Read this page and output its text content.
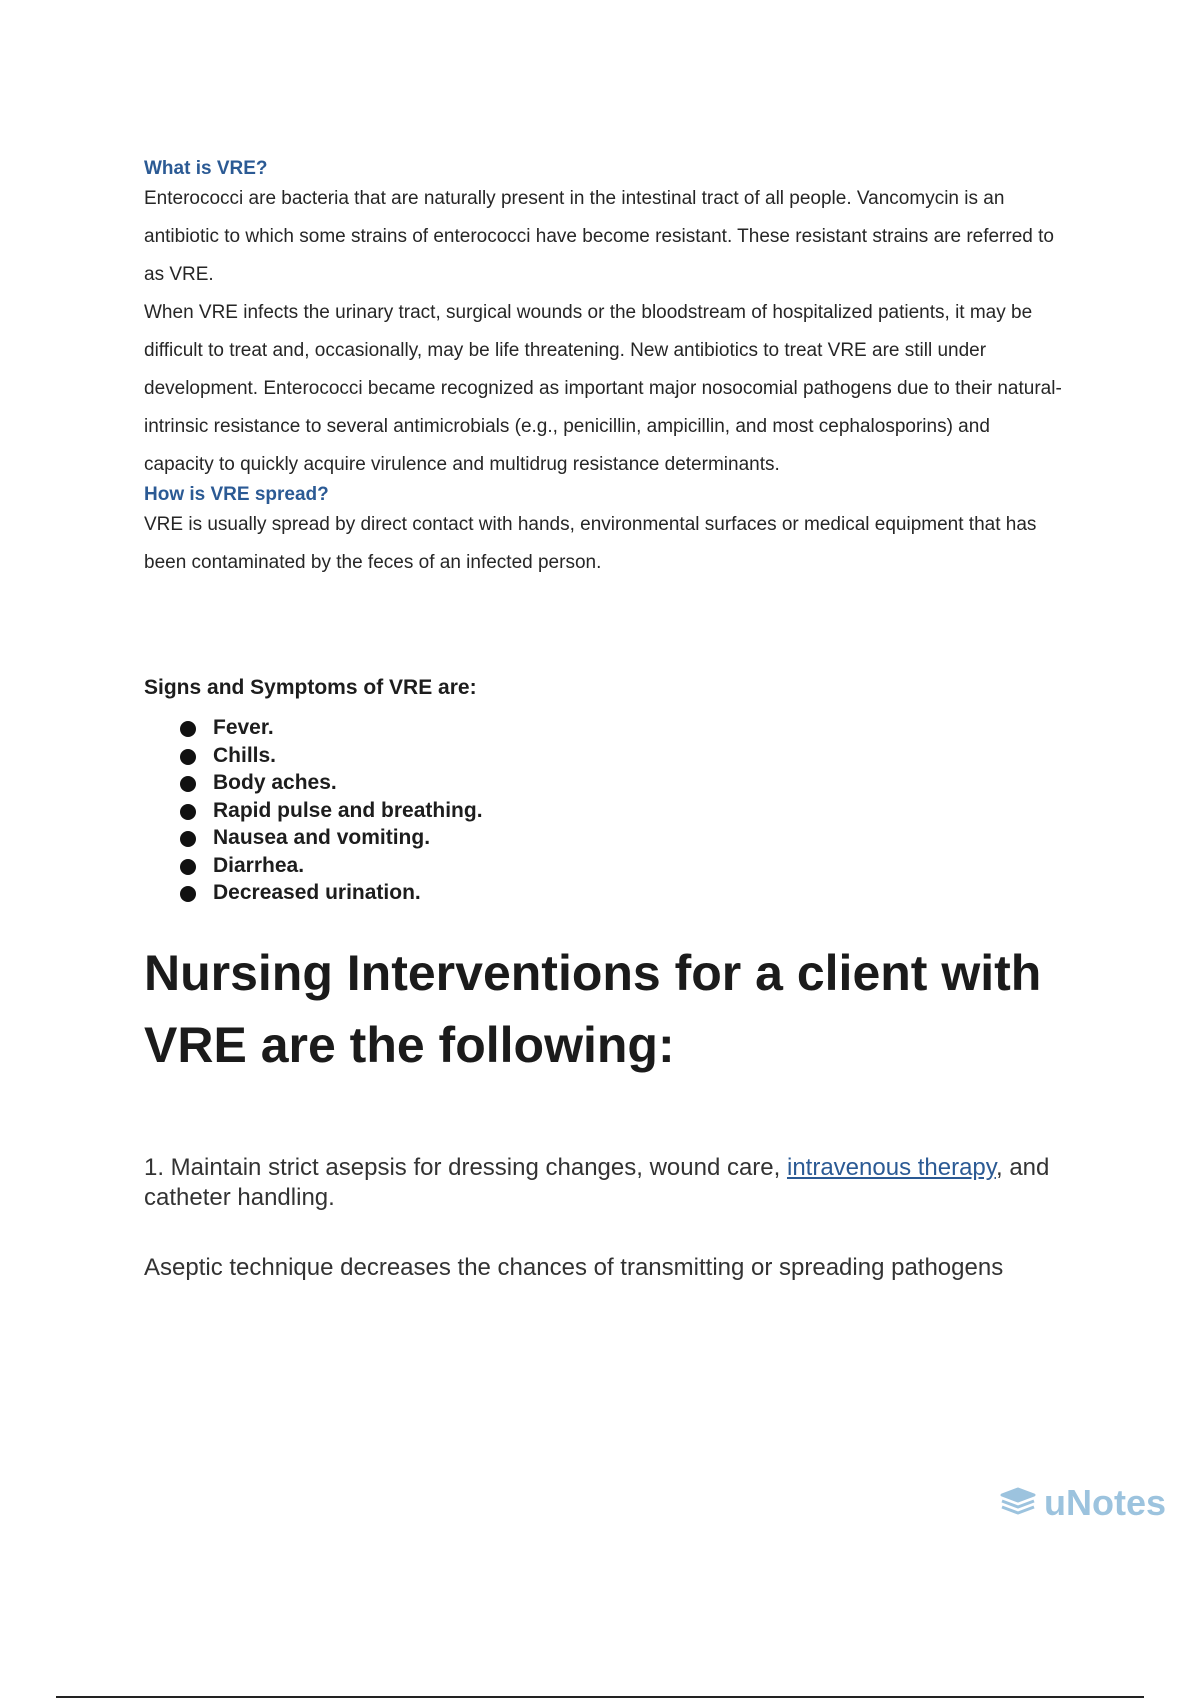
What is VRE?

Enterococci are bacteria that are naturally present in the intestinal tract of all people. Vancomycin is an antibiotic to which some strains of enterococci have become resistant. These resistant strains are referred to as VRE.

When VRE infects the urinary tract, surgical wounds or the bloodstream of hospitalized patients, it may be difficult to treat and, occasionally, may be life threatening. New antibiotics to treat VRE are still under development. Enterococci became recognized as important major nosocomial pathogens due to their natural-intrinsic resistance to several antimicrobials (e.g., penicillin, ampicillin, and most cephalosporins) and capacity to quickly acquire virulence and multidrug resistance determinants.

How is VRE spread?

VRE is usually spread by direct contact with hands, environmental surfaces or medical equipment that has been contaminated by the feces of an infected person.

Signs and Symptoms of VRE are:

Fever.
Chills.
Body aches.
Rapid pulse and breathing.
Nausea and vomiting.
Diarrhea.
Decreased urination.
Nursing Interventions for a client with VRE are the following:

1. Maintain strict asepsis for dressing changes, wound care, intravenous therapy, and catheter handling.

Aseptic technique decreases the chances of transmitting or spreading pathogens

uNotes
